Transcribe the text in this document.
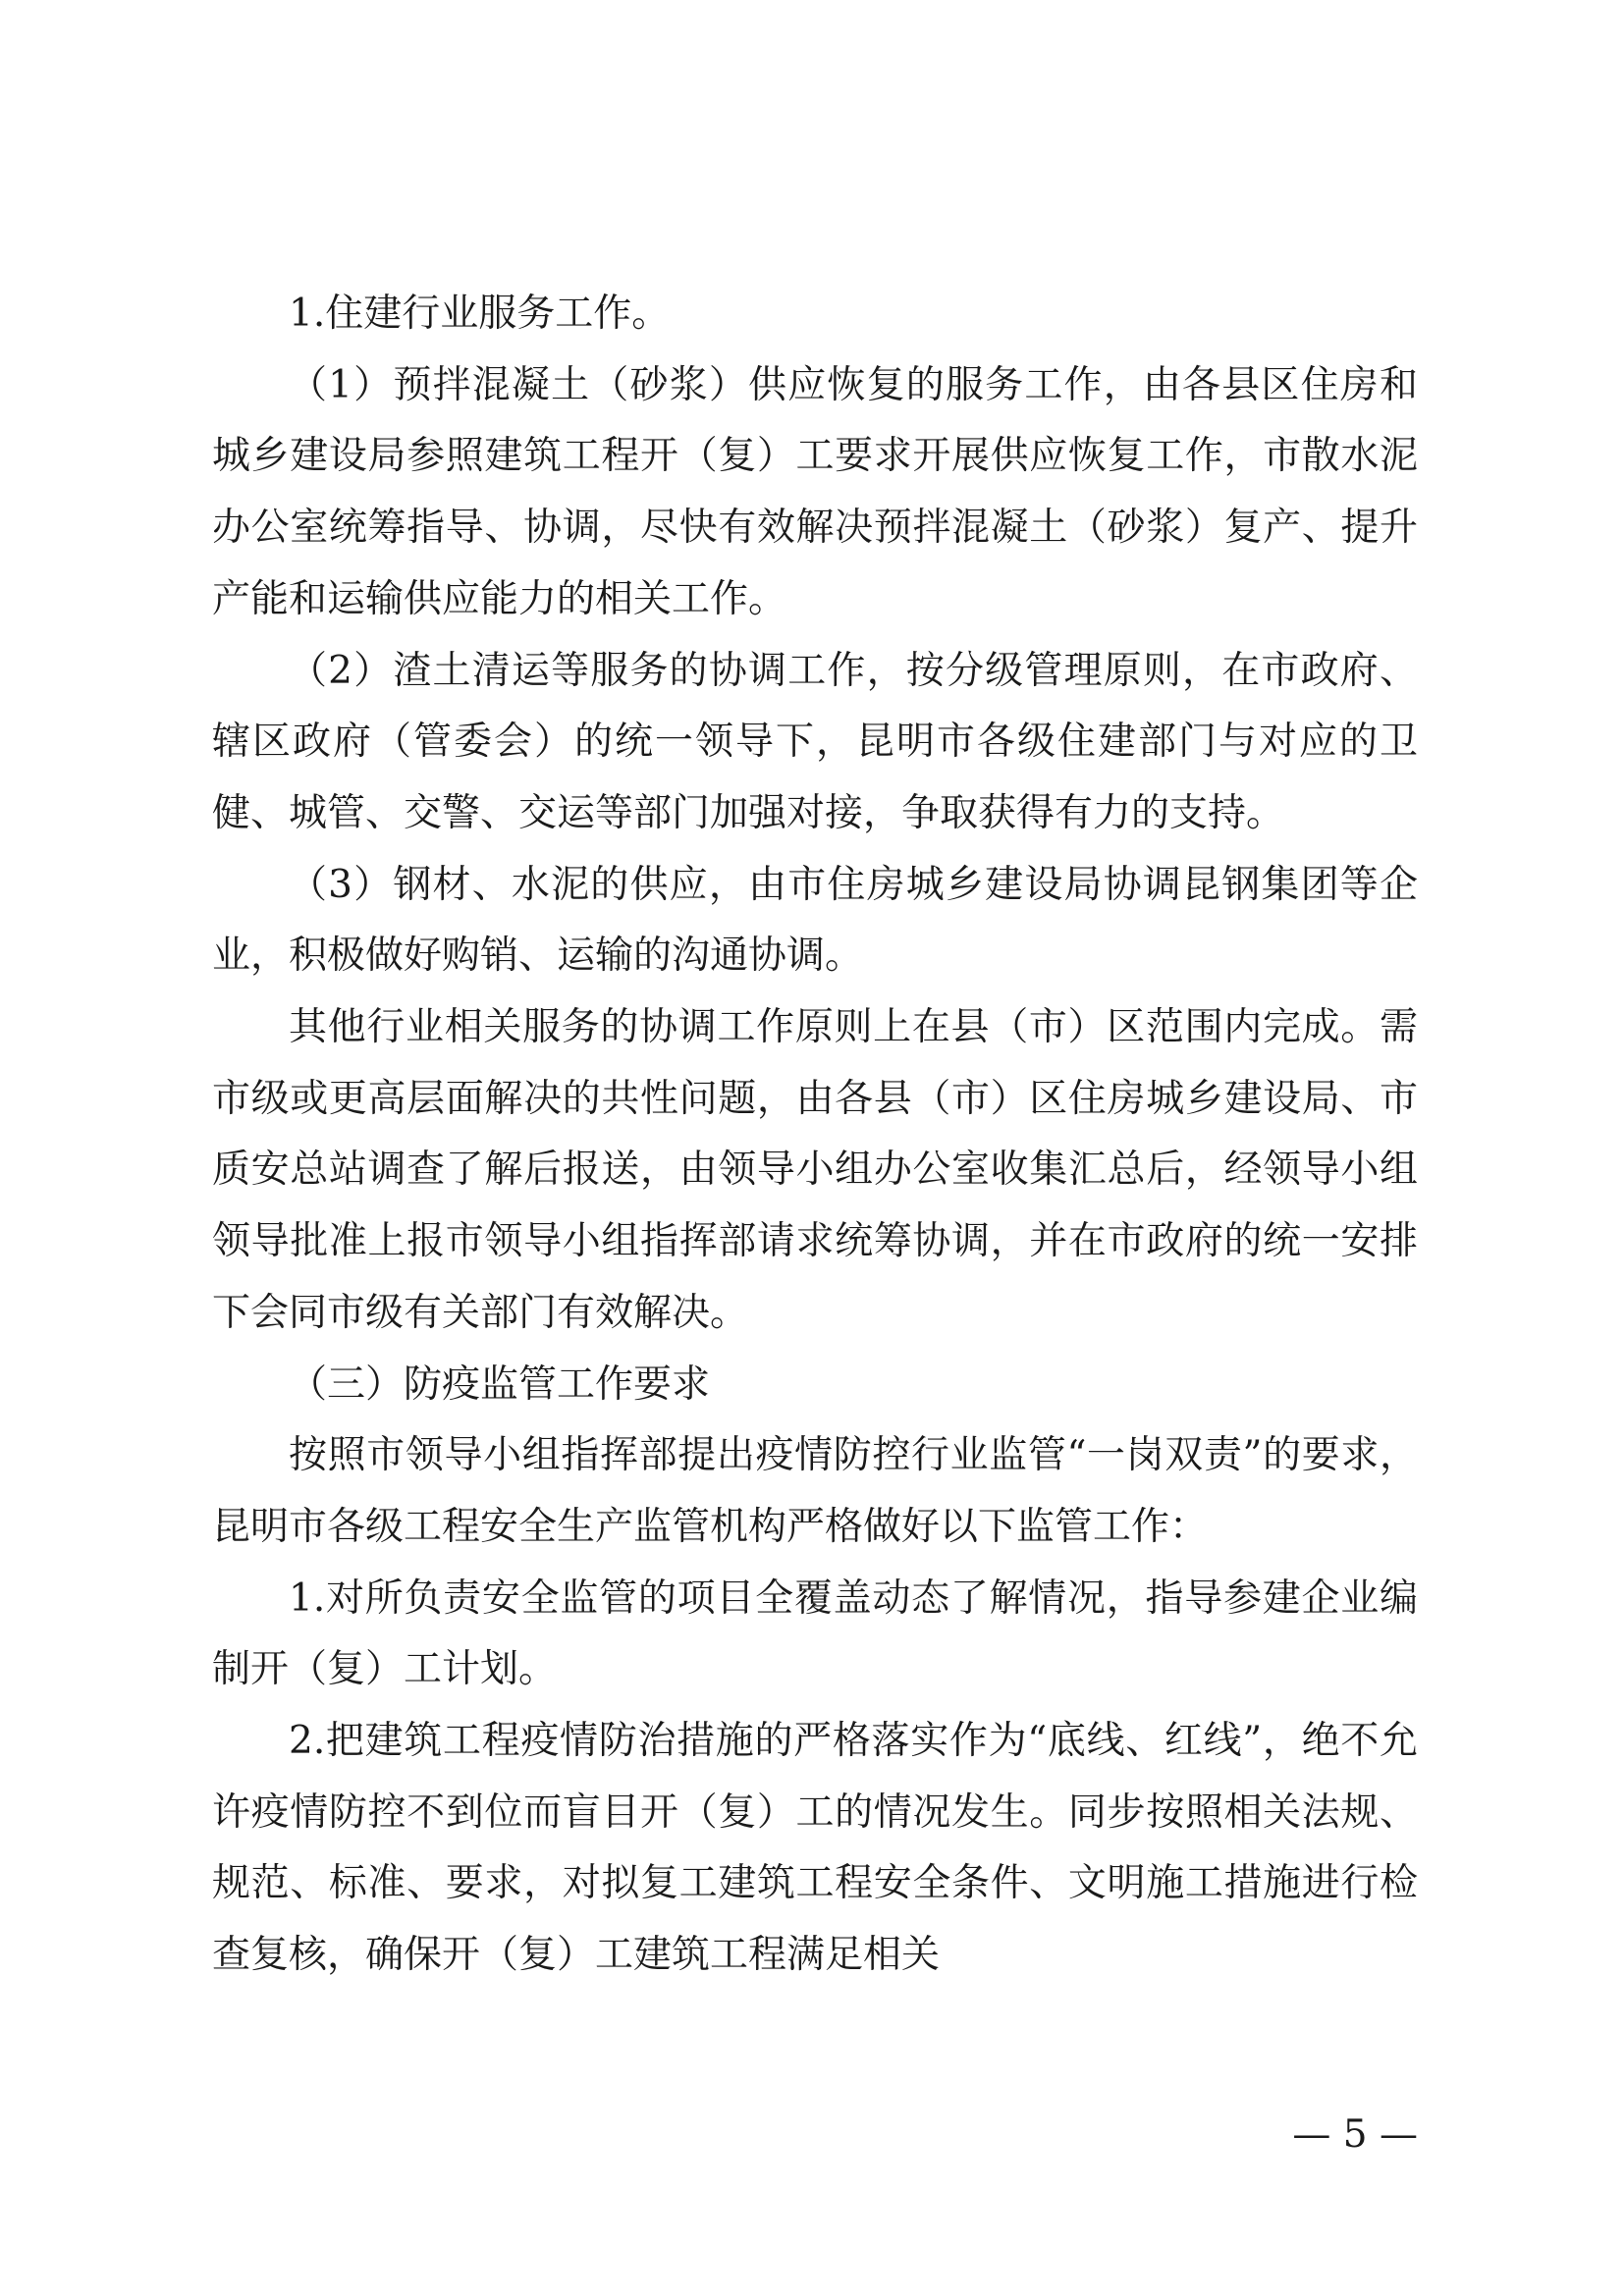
1.住建行业服务工作。

（1）预拌混凝土（砂浆）供应恢复的服务工作，由各县区住房和城乡建设局参照建筑工程开（复）工要求开展供应恢复工作，市散水泥办公室统筹指导、协调，尽快有效解决预拌混凝土（砂浆）复产、提升产能和运输供应能力的相关工作。

（2）渣土清运等服务的协调工作，按分级管理原则，在市政府、辖区政府（管委会）的统一领导下，昆明市各级住建部门与对应的卫健、城管、交警、交运等部门加强对接，争取获得有力的支持。

（3）钢材、水泥的供应，由市住房城乡建设局协调昆钢集团等企业，积极做好购销、运输的沟通协调。

其他行业相关服务的协调工作原则上在县（市）区范围内完成。需市级或更高层面解决的共性问题，由各县（市）区住房城乡建设局、市质安总站调查了解后报送，由领导小组办公室收集汇总后，经领导小组领导批准上报市领导小组指挥部请求统筹协调，并在市政府的统一安排下会同市级有关部门有效解决。

（三）防疫监管工作要求

按照市领导小组指挥部提出疫情防控行业监管“一岗双责”的要求，昆明市各级工程安全生产监管机构严格做好以下监管工作：

1.对所负责安全监管的项目全覆盖动态了解情况，指导参建企业编制开（复）工计划。

2.把建筑工程疫情防治措施的严格落实作为“底线、红线”，绝不允许疫情防控不到位而盲目开（复）工的情况发生。同步按照相关法规、规范、标准、要求，对拟复工建筑工程安全条件、文明施工措施进行检查复核，确保开（复）工建筑工程满足相关

— 5 —
